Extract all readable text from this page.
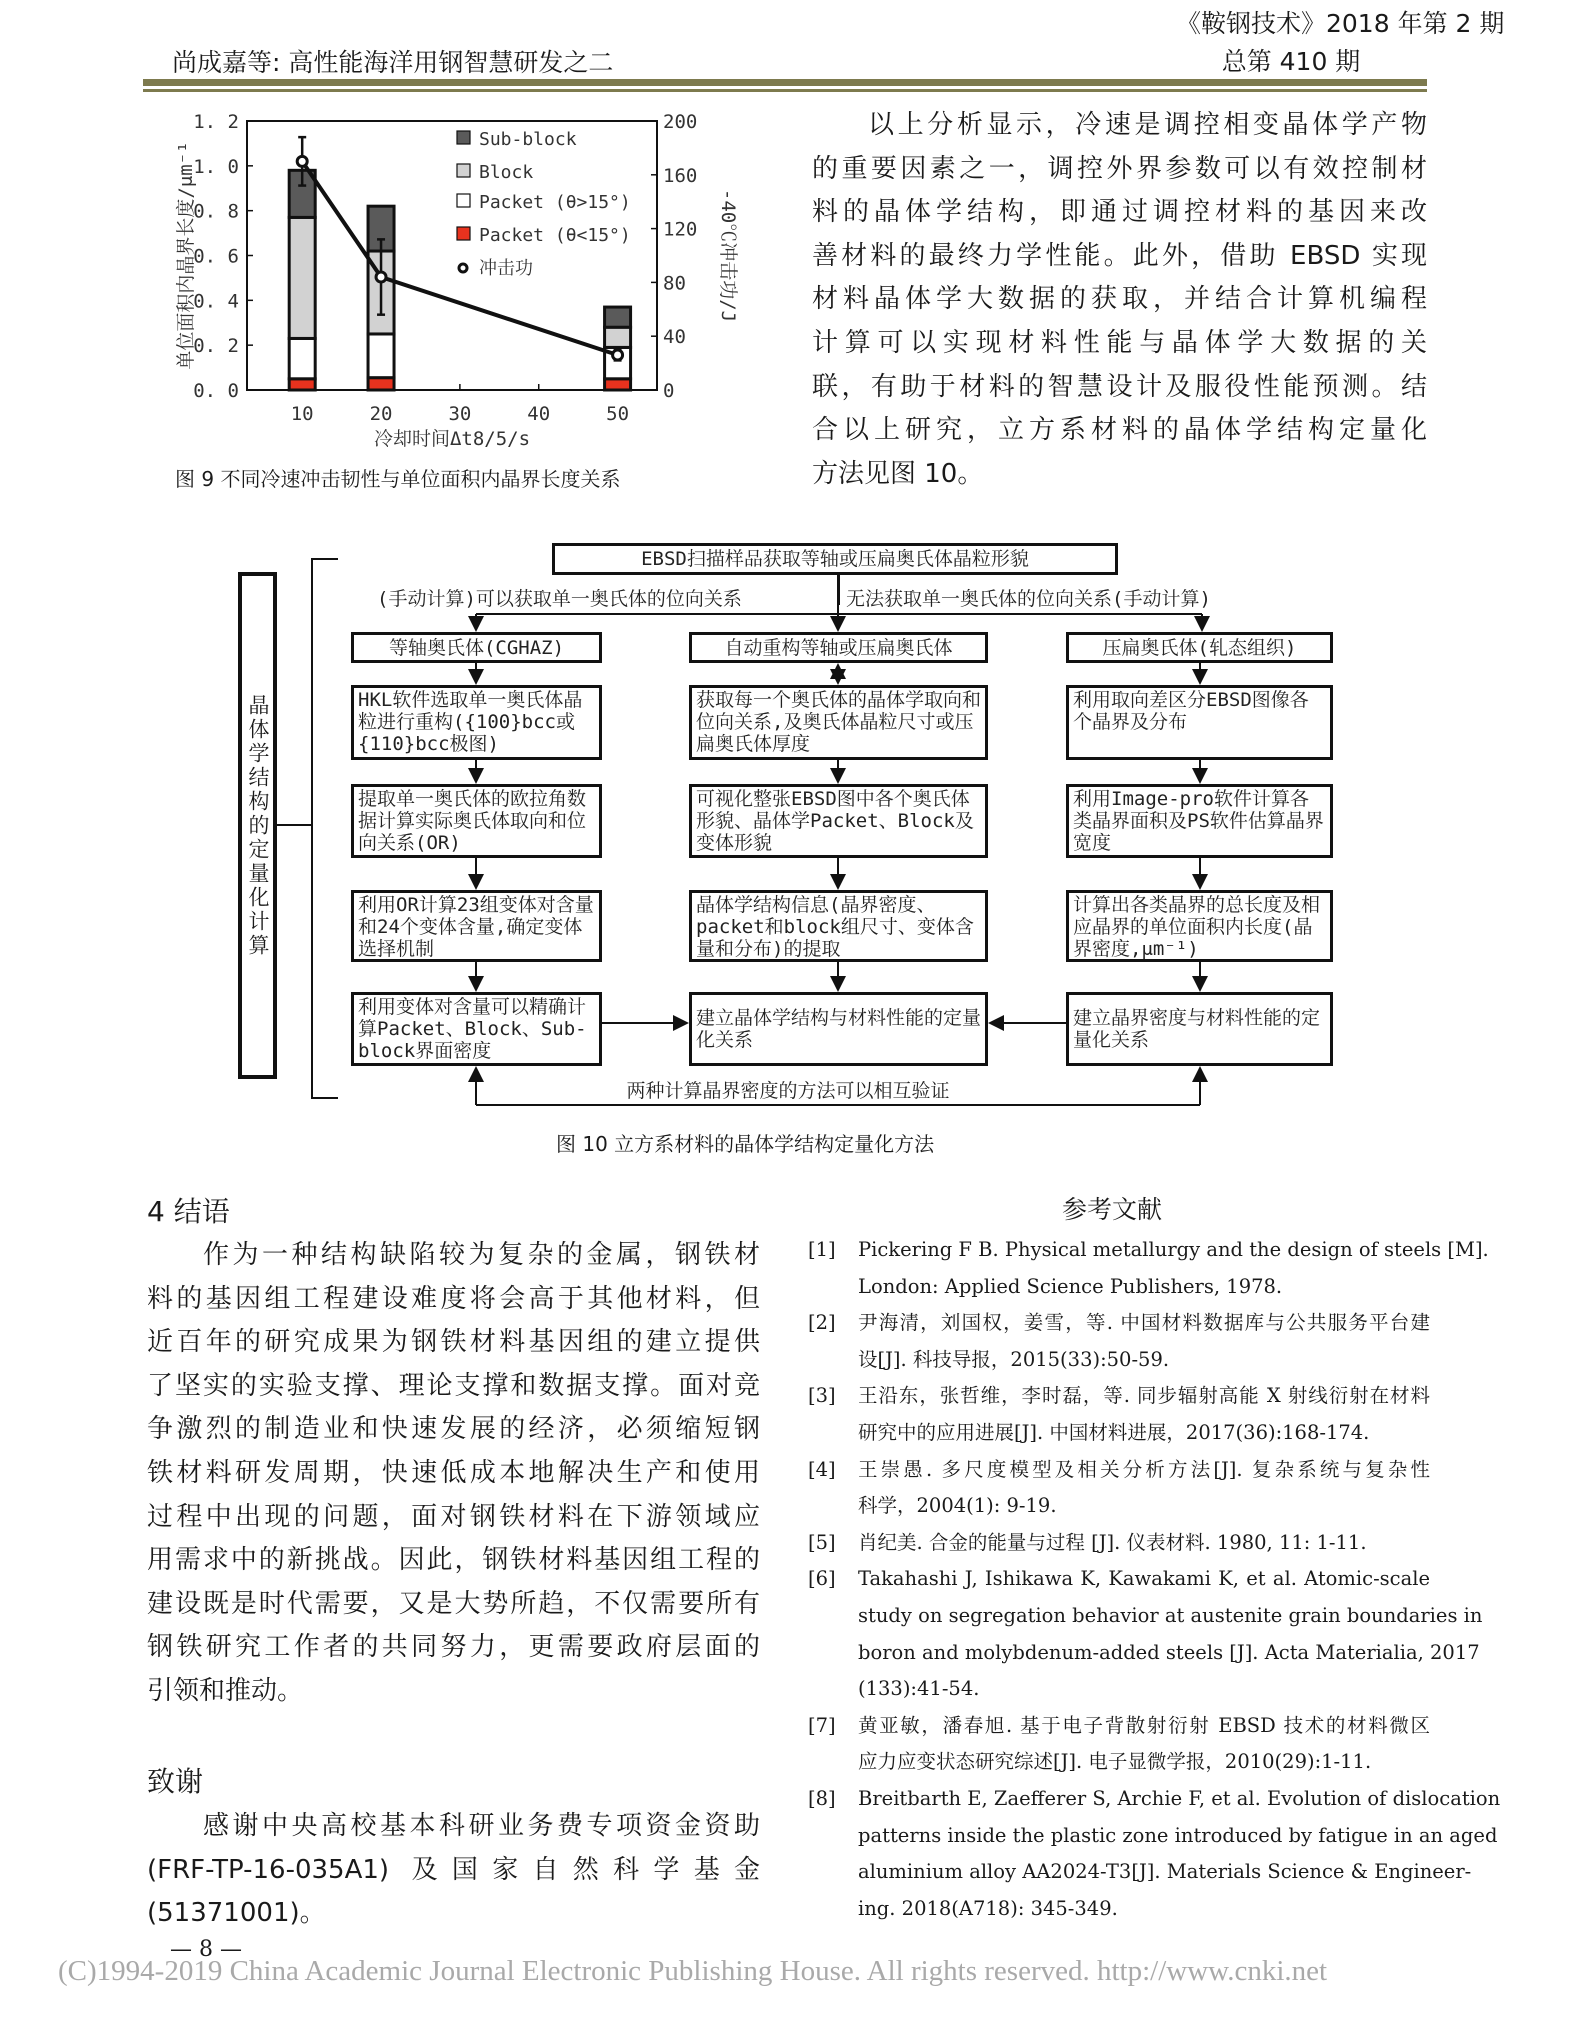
《鞍钢技术》2018 年第 2 期
总第 410 期
尚成嘉等: 高性能海洋用钢智慧研发之二
0. 0
0. 2
0. 4
0. 6
0. 8
1. 0
1. 2
0
40
80
120
160
200
10	20	30	40	50
Sub-block
Block
Packet (θ>15°)
Packet (θ<15°)
冲击功
单位面积内晶界长度/μm⁻¹	-40℃冲击功/J
冷却时间Δt8/5/s
图 9 不同冷速冲击韧性与单位面积内晶界长度关系
以上分析显示，冷速是调控相变晶体学产物
的重要因素之一，调控外界参数可以有效控制材
料的晶体学结构，即通过调控材料的基因来改
善材料的最终力学性能。此外，借助 EBSD 实现
材料晶体学大数据的获取，并结合计算机编程
计算可以实现材料性能与晶体学大数据的关
联，有助于材料的智慧设计及服役性能预测。结
合以上研究，立方系材料的晶体学结构定量化
方法见图 10。
晶体学结构的定量化计算
EBSD扫描样品获取等轴或压扁奥氏体晶粒形貌
(手动计算)可以获取单一奥氏体的位向关系	无法获取单一奥氏体的位向关系(手动计算)
等轴奥氏体(CGHAZ)
HKL软件选取单一奥氏体晶粒进行重构({100}bcc或{110}bcc极图)
提取单一奥氏体的欧拉角数据计算实际奥氏体取向和位向关系(OR)
利用OR计算23组变体对含量和24个变体含量,确定变体选择机制
利用变体对含量可以精确计算Packet、Block、Sub-block界面密度
自动重构等轴或压扁奥氏体
获取每一个奥氏体的晶体学取向和位向关系,及奥氏体晶粒尺寸或压扁奥氏体厚度
可视化整张EBSD图中各个奥氏体形貌、晶体学Packet、Block及变体形貌
晶体学结构信息(晶界密度、packet和block组尺寸、变体含量和分布)的提取
建立晶体学结构与材料性能的定量化关系
压扁奥氏体(轧态组织)
利用取向差区分EBSD图像各个晶界及分布
利用Image-pro软件计算各类晶界面积及PS软件估算晶界宽度
计算出各类晶界的总长度及相应晶界的单位面积内长度(晶界密度,μm⁻¹)
建立晶界密度与材料性能的定量化关系
两种计算晶界密度的方法可以相互验证
图 10 立方系材料的晶体学结构定量化方法
4 结语
作为一种结构缺陷较为复杂的金属，钢铁材
料的基因组工程建设难度将会高于其他材料，但
近百年的研究成果为钢铁材料基因组的建立提供
了坚实的实验支撑、理论支撑和数据支撑。面对竞
争激烈的制造业和快速发展的经济，必须缩短钢
铁材料研发周期，快速低成本地解决生产和使用
过程中出现的问题，面对钢铁材料在下游领域应
用需求中的新挑战。因此，钢铁材料基因组工程的
建设既是时代需要，又是大势所趋，不仅需要所有
钢铁研究工作者的共同努力，更需要政府层面的
引领和推动。
致谢
感谢中央高校基本科研业务费专项资金资助
(FRF-TP-16-035A1) 及国家自然科学基金
(51371001)。
参考文献
[1] Pickering F B. Physical metallurgy and the design of steels [M].
London: Applied Science Publishers, 1978.
[2] 尹海清，刘国权，姜雪，等. 中国材料数据库与公共服务平台建
设[J]. 科技导报，2015(33):50-59.
[3] 王沿东，张哲维，李时磊，等. 同步辐射高能 X 射线衍射在材料
研究中的应用进展[J]. 中国材料进展，2017(36):168-174.
[4] 王崇愚. 多尺度模型及相关分析方法[J]. 复杂系统与复杂性
科学，2004(1): 9-19.
[5] 肖纪美. 合金的能量与过程 [J]. 仪表材料. 1980, 11: 1-11.
[6] Takahashi J, Ishikawa K, Kawakami K, et al. Atomic-scale
study on segregation behavior at austenite grain boundaries in
boron and molybdenum-added steels [J]. Acta Materialia, 2017
(133):41-54.
[7] 黄亚敏，潘春旭. 基于电子背散射衍射 EBSD 技术的材料微区
应力应变状态研究综述[J]. 电子显微学报，2010(29):1-11.
[8] Breitbarth E, Zaefferer S, Archie F, et al. Evolution of dislocation
patterns inside the plastic zone introduced by fatigue in an aged
aluminium alloy AA2024-T3[J]. Materials Science & Engineer-
ing. 2018(A718): 345-349.
— 8 —
(C)1994-2019 China Academic Journal Electronic Publishing House. All rights reserved. http://www.cnki.net
